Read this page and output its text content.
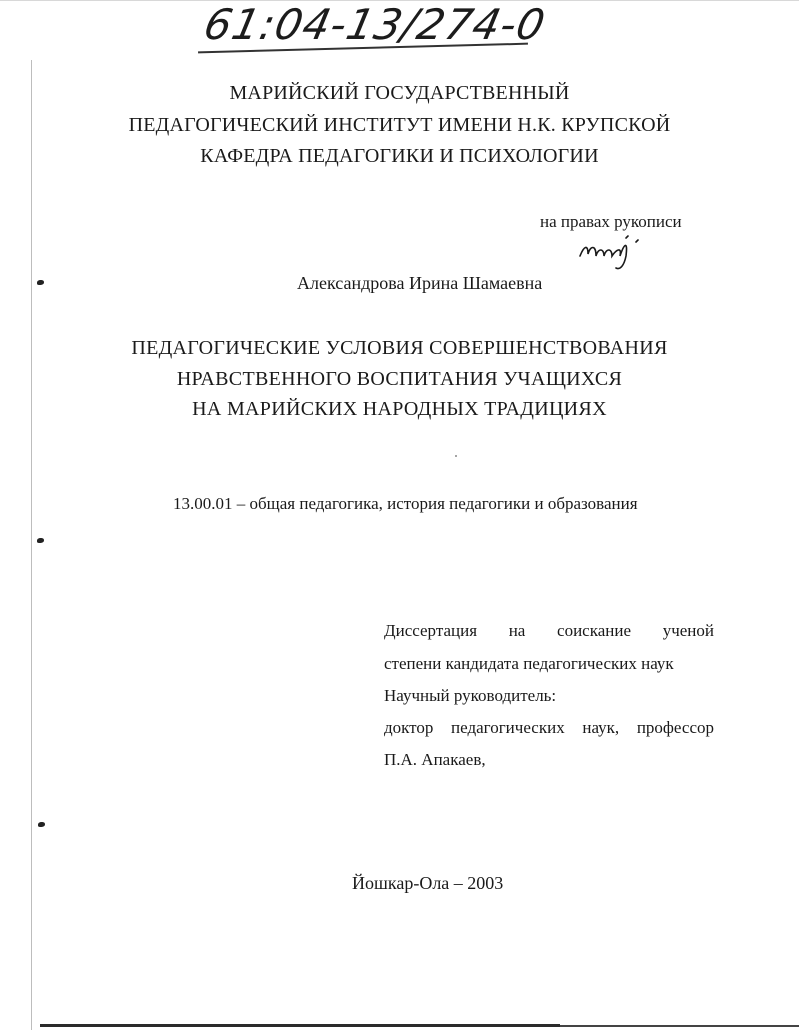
61:04-13/274-0
МАРИЙСКИЙ ГОСУДАРСТВЕННЫЙ
ПЕДАГОГИЧЕСКИЙ ИНСТИТУТ ИМЕНИ Н.К. КРУПСКОЙ
КАФЕДРА ПЕДАГОГИКИ И ПСИХОЛОГИИ
на правах рукописи
Александрова Ирина Шамаевна
ПЕДАГОГИЧЕСКИЕ УСЛОВИЯ СОВЕРШЕНСТВОВАНИЯ
НРАВСТВЕННОГО ВОСПИТАНИЯ УЧАЩИХСЯ
НА МАРИЙСКИХ НАРОДНЫХ ТРАДИЦИЯХ
13.00.01 – общая педагогика, история педагогики и образования
Диссертация на соискание ученой
степени кандидата педагогических наук
Научный руководитель:
доктор педагогических наук, профессор
П.А. Апакаев,
Йошкар-Ола – 2003
